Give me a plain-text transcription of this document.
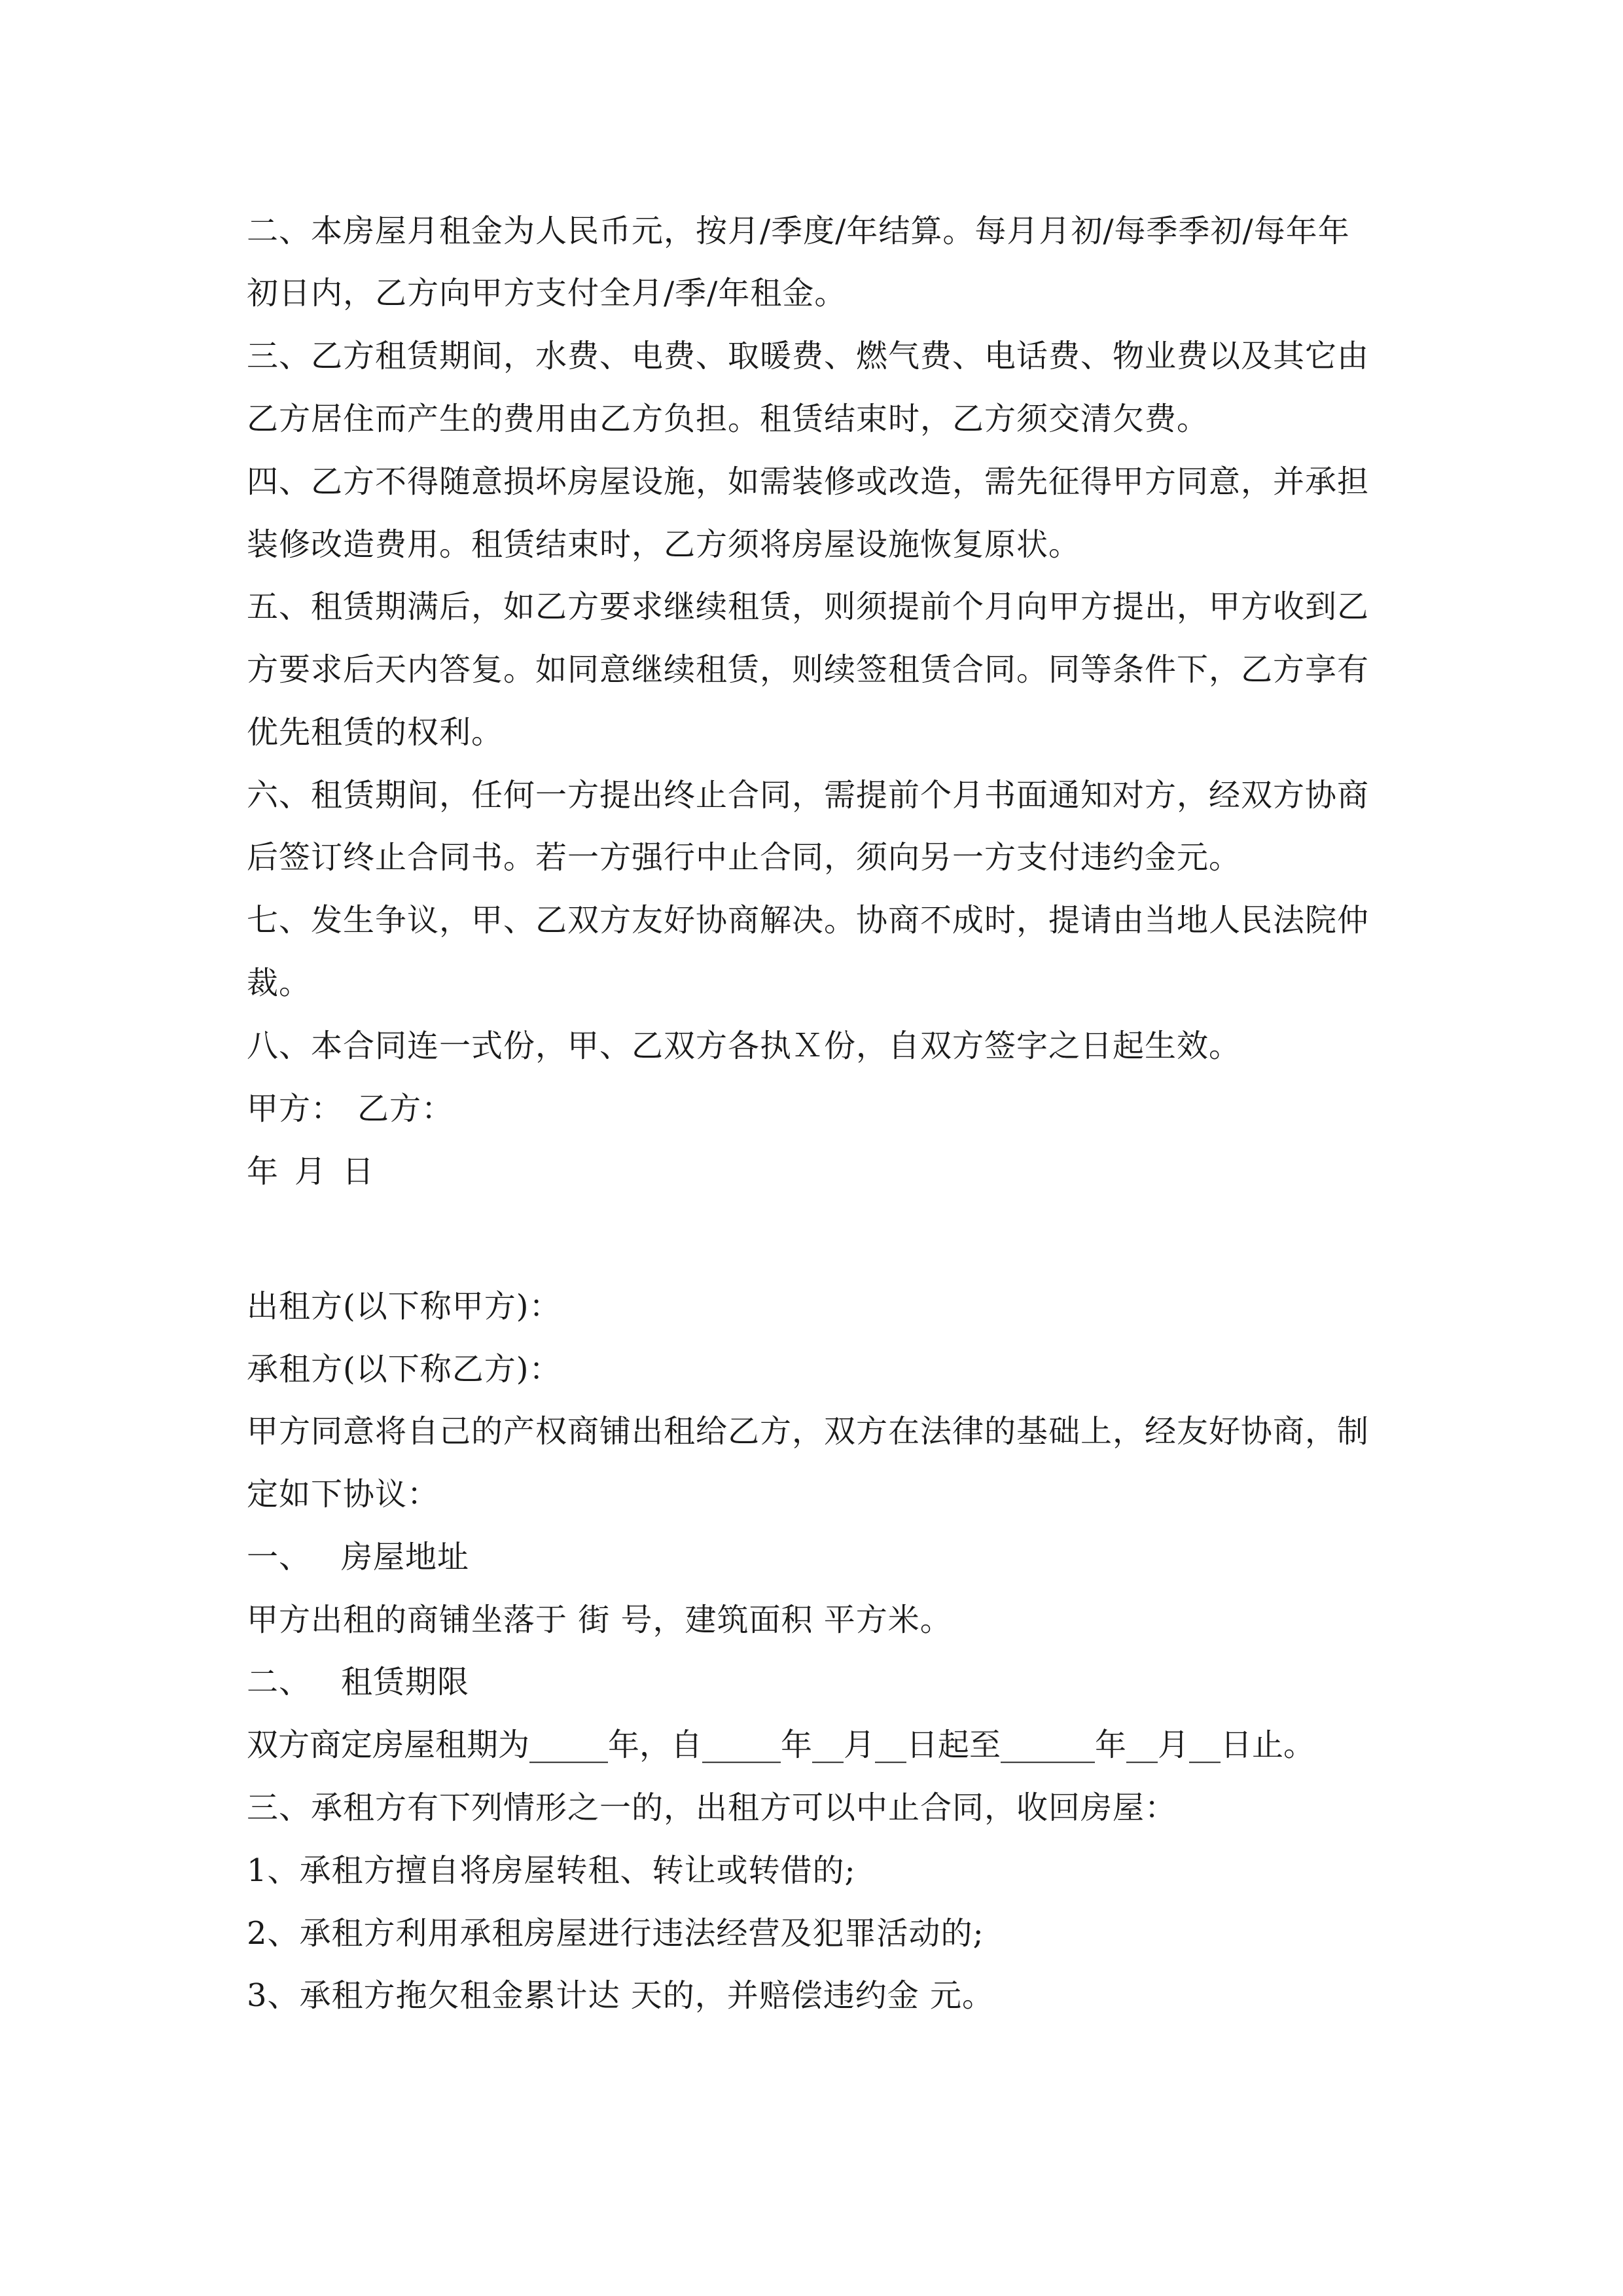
二、本房屋月租金为人民币元，按月/季度/年结算。每月月初/每季季初/每年年
初日内，乙方向甲方支付全月/季/年租金。
三、乙方租赁期间，水费、电费、取暖费、燃气费、电话费、物业费以及其它由
乙方居住而产生的费用由乙方负担。租赁结束时，乙方须交清欠费。
四、乙方不得随意损坏房屋设施，如需装修或改造，需先征得甲方同意，并承担
装修改造费用。租赁结束时，乙方须将房屋设施恢复原状。
五、租赁期满后，如乙方要求继续租赁，则须提前个月向甲方提出，甲方收到乙
方要求后天内答复。如同意继续租赁，则续签租赁合同。同等条件下，乙方享有
优先租赁的权利。
六、租赁期间，任何一方提出终止合同，需提前个月书面通知对方，经双方协商
后签订终止合同书。若一方强行中止合同，须向另一方支付违约金元。
七、发生争议，甲、乙双方友好协商解决。协商不成时，提请由当地人民法院仲
裁。
八、本合同连一式份，甲、乙双方各执Ｘ份，自双方签字之日起生效。
甲方： 乙方：
年 月 日
出租方(以下称甲方)：
承租方(以下称乙方)：
甲方同意将自己的产权商铺出租给乙方，双方在法律的基础上，经友好协商，制
定如下协议：
一、 房屋地址
甲方出租的商铺坐落于 街 号，建筑面积 平方米。
二、 租赁期限
双方商定房屋租期为_____年，自_____年__月__日起至______年__月__日止。
三、承租方有下列情形之一的，出租方可以中止合同，收回房屋：
1、承租方擅自将房屋转租、转让或转借的;
2、承租方利用承租房屋进行违法经营及犯罪活动的;
3、承租方拖欠租金累计达 天的，并赔偿违约金 元。
